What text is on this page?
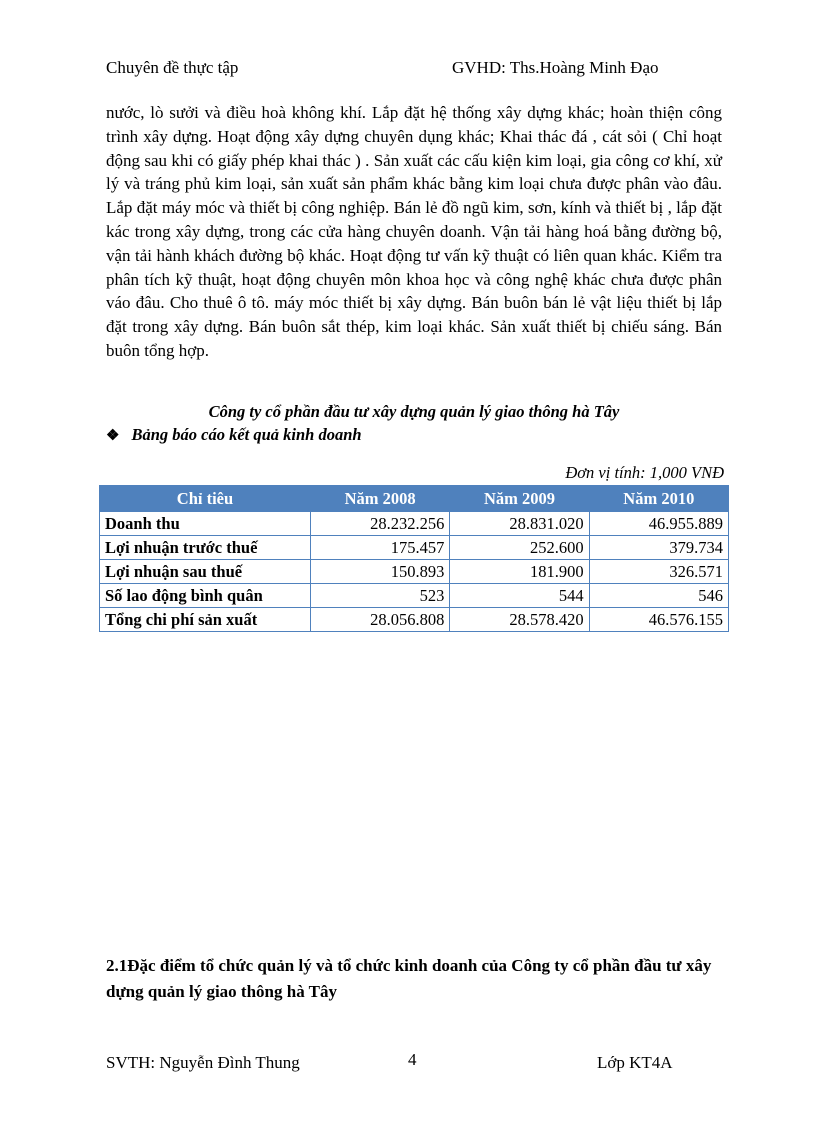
Chuyên đề thực tập	GVHD: Ths.Hoàng Minh Đạo

nước, lò sưởi và điều hoà không khí. Lắp đặt hệ thống xây dựng khác; hoàn thiện công trình xây dựng. Hoạt động xây dựng chuyên dụng khác; Khai thác đá , cát sỏi ( Chỉ hoạt động sau khi có giấy phép khai thác ) . Sản xuất các cấu kiện kim loại, gia công cơ khí, xử lý và tráng phủ kim loại, sản xuất sản phẩm khác bằng kim loại chưa được phân vào đâu. Lắp đặt máy móc và thiết bị công nghiệp. Bán lẻ đồ ngũ kim, sơn, kính và thiết bị , lắp đặt kác trong xây dựng, trong các cửa hàng chuyên doanh. Vận tải hàng hoá bằng đường bộ, vận tải hành khách đường bộ khác. Hoạt động tư vấn kỹ thuật có liên quan khác. Kiểm tra phân tích kỹ thuật, hoạt động chuyên môn khoa học và công nghệ khác chưa được phân váo đâu. Cho thuê ô tô. máy móc thiết bị xây dựng. Bán buôn bán lẻ vật liệu thiết bị lắp đặt trong xây dựng. Bán buôn sắt thép, kim loại khác. Sản xuất thiết bị chiếu sáng. Bán buôn tổng hợp.

Công ty cổ phần đầu tư xây dựng quản lý giao thông hà Tây
❖ Bảng báo cáo kết quả kinh doanh
Đơn vị tính: 1,000 VNĐ
Chỉ tiêu	Năm 2008	Năm 2009	Năm 2010
Doanh thu	28.232.256	28.831.020	46.955.889
Lợi nhuận trước thuế	175.457	252.600	379.734
Lợi nhuận sau thuế	150.893	181.900	326.571
Số lao động bình quân	523	544	546
Tổng chi phí sản xuất	28.056.808	28.578.420	46.576.155

2.1Đặc điểm tổ chức quản lý và tổ chức kinh doanh của Công ty cổ phần đầu tư xây dựng quản lý giao thông hà Tây

SVTH: Nguyễn Đình Thung	4	Lớp KT4A
